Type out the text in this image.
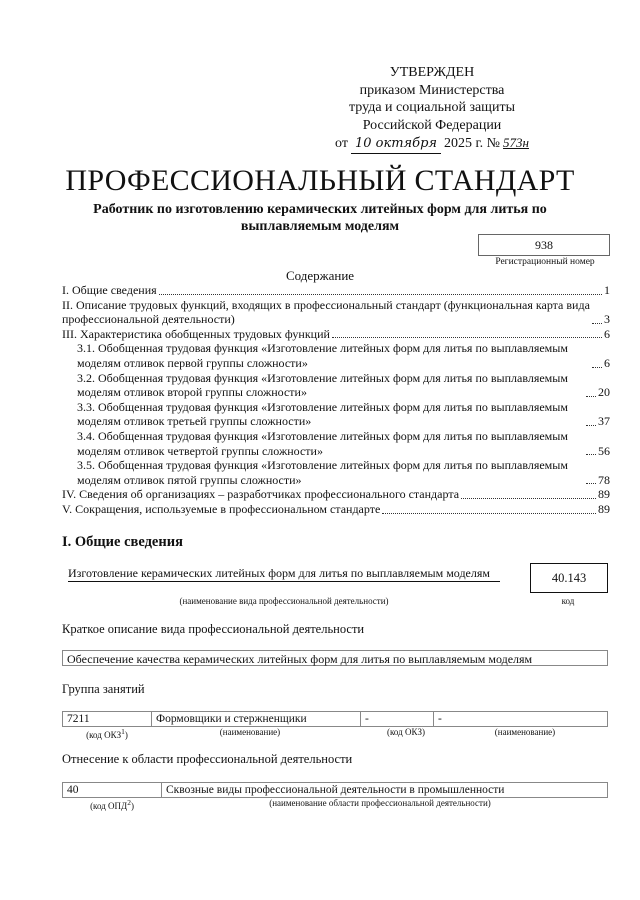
УТВЕРЖДЕН
приказом Министерства
труда и социальной защиты
Российской Федерации
от 10 октября 2025 г. № 573н
ПРОФЕССИОНАЛЬНЫЙ СТАНДАРТ
Работник по изготовлению керамических литейных форм для литья по выплавляемым моделям
938
Регистрационный номер
Содержание
I. Общие сведения	1
II. Описание трудовых функций, входящих в профессиональный стандарт (функциональная карта вида профессиональной деятельности)	3
III. Характеристика обобщенных трудовых функций	6
3.1. Обобщенная трудовая функция «Изготовление литейных форм для литья по выплавляемым моделям отливок первой группы сложности»	6
3.2. Обобщенная трудовая функция «Изготовление литейных форм для литья по выплавляемым моделям отливок второй группы сложности»	20
3.3. Обобщенная трудовая функция «Изготовление литейных форм для литья по выплавляемым моделям отливок третьей группы сложности»	37
3.4. Обобщенная трудовая функция «Изготовление литейных форм для литья по выплавляемым моделям отливок четвертой группы сложности»	56
3.5. Обобщенная трудовая функция «Изготовление литейных форм для литья по выплавляемым моделям отливок пятой группы сложности»	78
IV. Сведения об организациях – разработчиках профессионального стандарта	89
V. Сокращения, используемые в профессиональном стандарте	89
I. Общие сведения
Изготовление керамических литейных форм для литья по выплавляемым моделям	40.143
(наименование вида профессиональной деятельности)	код
Краткое описание вида профессиональной деятельности
Обеспечение качества керамических литейных форм для литья по выплавляемым моделям
Группа занятий
7211	Формовщики и стержненщики	-	-
(код ОКЗ$^1$)	(наименование)	(код ОКЗ)	(наименование)
Отнесение к области профессиональной деятельности
40	Сквозные виды профессиональной деятельности в промышленности
(код ОПД$^2$)	(наименование области профессиональной деятельности)
